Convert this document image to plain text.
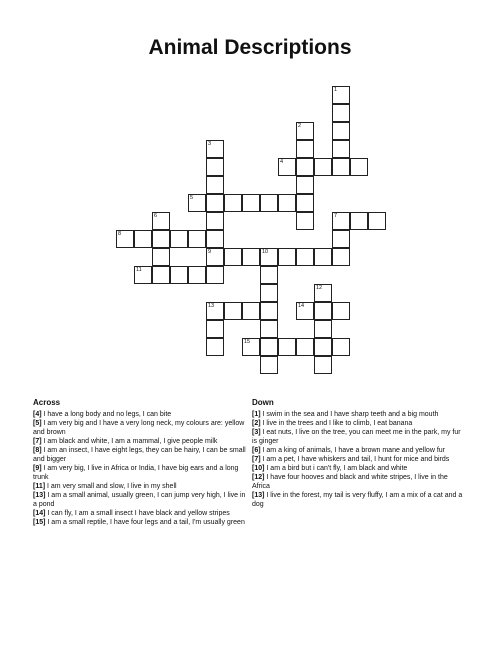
Animal Descriptions
1
2
3
4
5
6	7
8
9	10
11
12
13	14
15
Across

[4] I have a long body and no legs, I can bite

[5] I am very big and I have a very long neck, my colours are: yellow and brown

[7] I am black and white, I am a mammal, I give people milk

[8] I am an insect, I have eight legs, they can be hairy, I can be small and bigger

[9] I am very big, I live in Africa or India, I have big ears and a long trunk

[11] I am very small and slow, I live in my shell

[13] I am a small animal, usually green, I can jump very high, I live in a pond

[14] I can fly, I am a small insect I have black and yellow stripes

[15] I am a small reptile, I have four legs and a tail, I'm usually green

Down

[1] I swim in the sea and I have sharp teeth and a big mouth

[2] I live in the trees and I like to climb, I eat banana

[3] I eat nuts, I live on the tree, you can meet me in the park, my fur is ginger

[6] I am a king of animals, I have a brown mane and yellow fur

[7] I am a pet, I have whiskers and tail, I hunt for mice and birds

[10] I am a bird but i can't fly, I am black and white

[12] I have four hooves and black and white stripes, I live in the Africa

[13] I live in the forest, my tail is very fluffy, I am a mix of a cat and a dog
